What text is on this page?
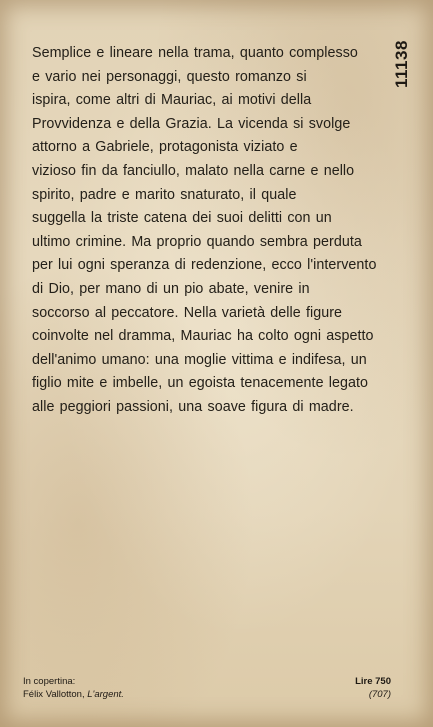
Semplice e lineare nella trama, quanto complesso
e vario nei personaggi, questo romanzo si
ispira, come altri di Mauriac, ai motivi della
Provvidenza e della Grazia. La vicenda si svolge
attorno a Gabriele, protagonista viziato e
vizioso fin da fanciullo, malato nella carne e nello
spirito, padre e marito snaturato, il quale
suggella la triste catena dei suoi delitti con un
ultimo crimine. Ma proprio quando sembra perduta
per lui ogni speranza di redenzione, ecco l'intervento
di Dio, per mano di un pio abate, venire in
soccorso al peccatore. Nella varietà delle figure
coinvolte nel dramma, Mauriac ha colto ogni aspetto
dell'animo umano: una moglie vittima e indifesa, un
figlio mite e imbelle, un egoista tenacemente legato
alle peggiori passioni, una soave figura di madre.
11138
In copertina:
Félix Vallotton, L'argent.
Lire 750
(707)
